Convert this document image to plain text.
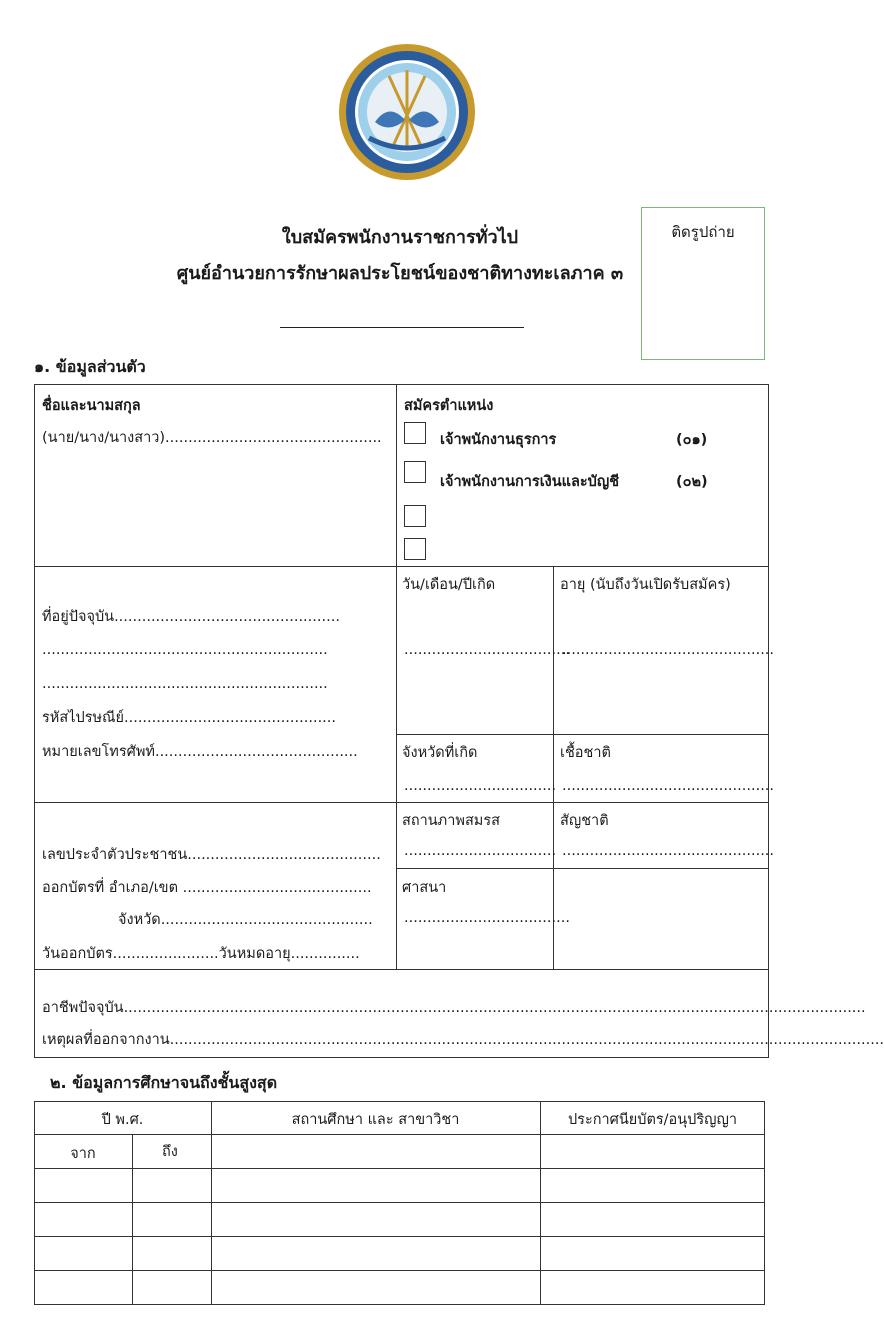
ติดรูปถ่าย
ใบสมัครพนักงานราชการทั่วไป
ศูนย์อำนวยการรักษาผลประโยชน์ของชาติทางทะเลภาค ๓
๑. ข้อมูลส่วนตัว
ชื่อและนามสกุล
(นาย/นาง/นางสาว)...............................................
สมัครตำแหน่ง
เจ้าพนักงานธุรการ	(๐๑)
เจ้าพนักงานการเงินและบัญชี	(๐๒)
ที่อยู่ปัจจุบัน.................................................
..............................................................
..............................................................
รหัสไปรษณีย์..............................................
หมายเลขโทรศัพท์............................................
วัน/เดือน/ปีเกิด
....................................
อายุ (นับถึงวันเปิดรับสมัคร)
..............................................
จังหวัดที่เกิด
.................................
เชื้อชาติ
..............................................
เลขประจำตัวประชาชน..........................................
ออกบัตรที่ อำเภอ/เขต .........................................
จังหวัด..............................................
วันออกบัตร.......................วันหมดอายุ...............
สถานภาพสมรส
.................................
สัญชาติ
..............................................
ศาสนา
....................................
อาชีพปัจจุบัน.................................................................................................................................................................
เหตุผลที่ออกจากงาน...........................................................................................................................................................
๒. ข้อมูลการศึกษาจนถึงชั้นสูงสุด
ปี พ.ศ.	สถานศึกษา และ สาขาวิชา	ประกาศนียบัตร/อนุปริญญา
จาก	ถึง
